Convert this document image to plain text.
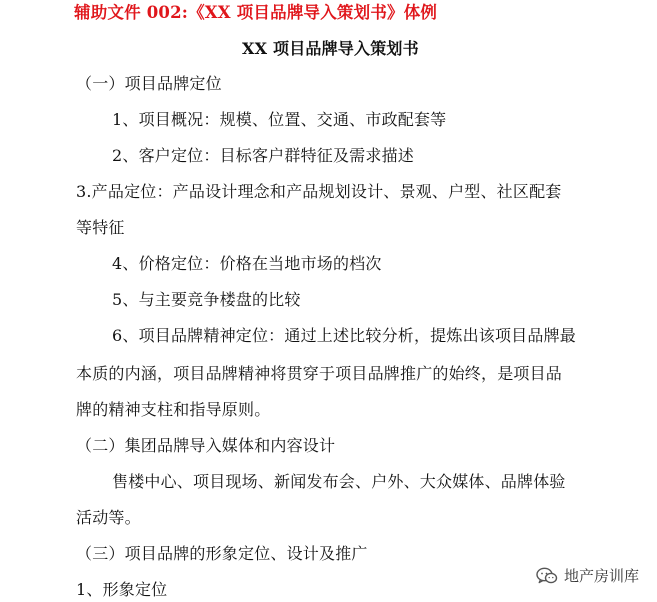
辅助文件 002:《XX 项目品牌导入策划书》体例
XX 项目品牌导入策划书
（一）项目品牌定位
1、项目概况：规模、位置、交通、市政配套等
2、客户定位：目标客户群特征及需求描述
3.产品定位：产品设计理念和产品规划设计、景观、户型、社区配套
等特征
4、价格定位：价格在当地市场的档次
5、与主要竞争楼盘的比较
6、项目品牌精神定位：通过上述比较分析，提炼出该项目品牌最
本质的内涵，项目品牌精神将贯穿于项目品牌推广的始终，是项目品
牌的精神支柱和指导原则。
（二）集团品牌导入媒体和内容设计
售楼中心、项目现场、新闻发布会、户外、大众媒体、品牌体验
活动等。
（三）项目品牌的形象定位、设计及推广
1、形象定位
地产房训库
